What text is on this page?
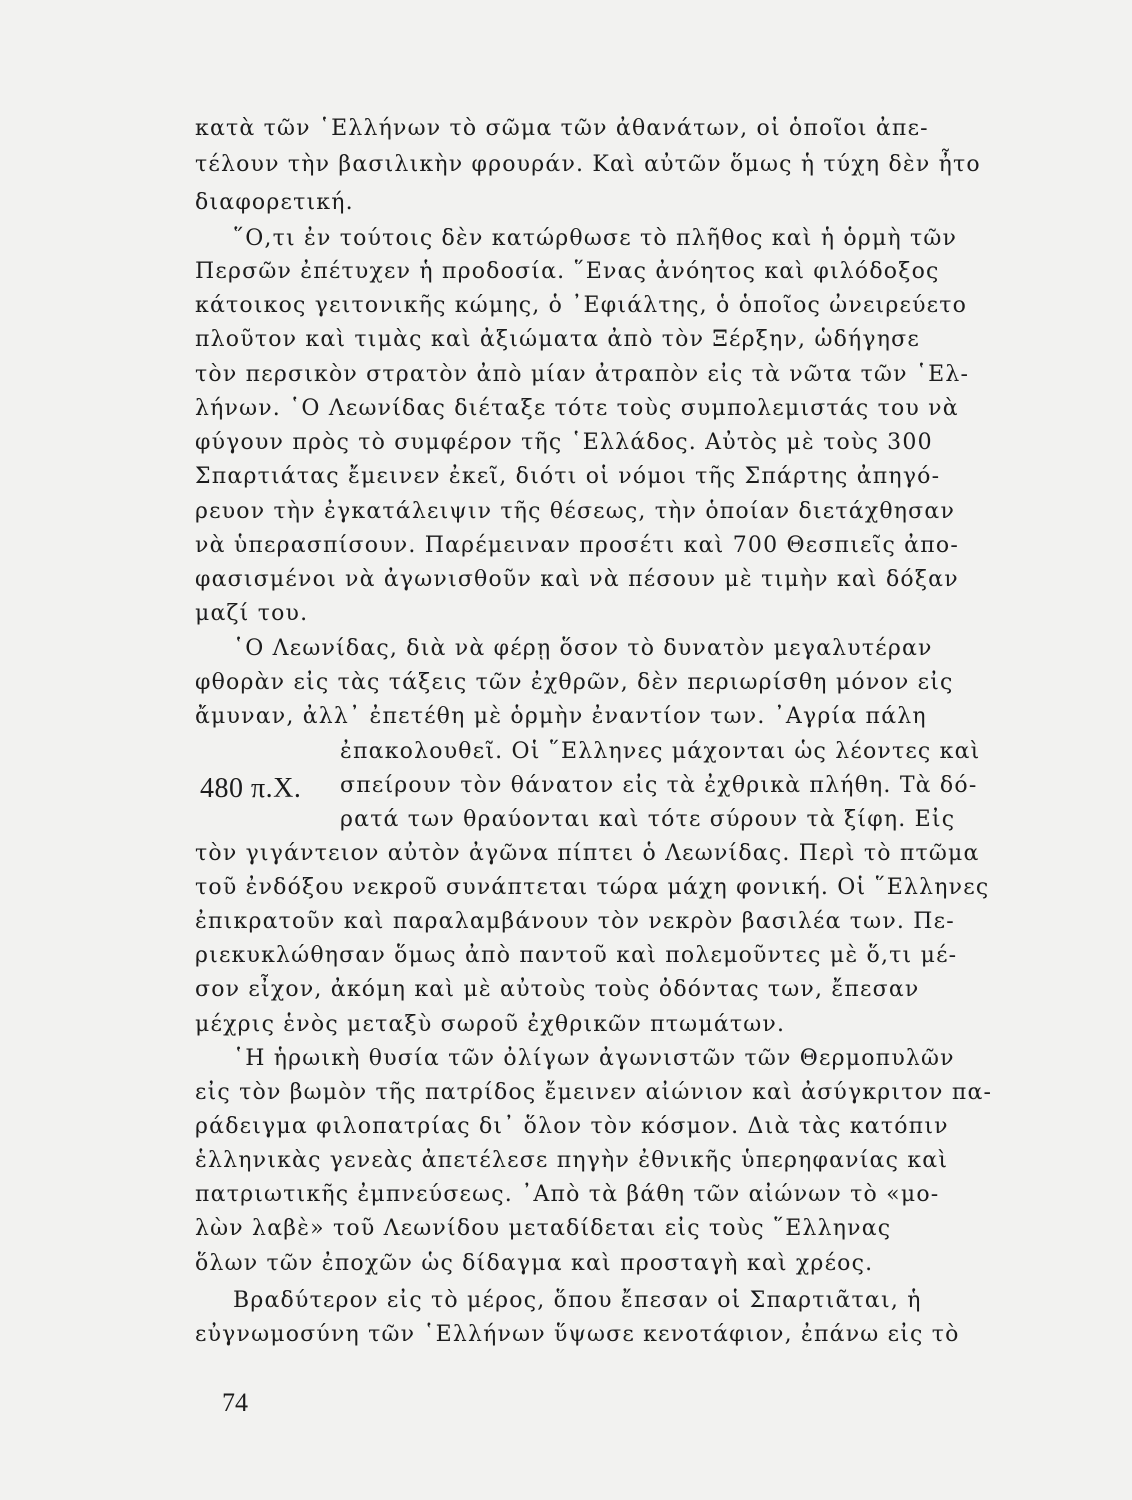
κατὰ τῶν ῾Ελλήνων τὸ σῶμα τῶν ἀθανάτων, οἱ ὁποῖοι ἀπε-
τέλουν τὴν βασιλικὴν φρουράν. Καὶ αὐτῶν ὅμως ἡ τύχη δὲν ἦτο
διαφορετική.
῞Ο,τι ἐν τούτοις δὲν κατώρθωσε τὸ πλῆθος καὶ ἡ ὁρμὴ τῶν
Περσῶν ἐπέτυχεν ἡ προδοσία. ῞Ενας ἀνόητος καὶ φιλόδοξος
κάτοικος γειτονικῆς κώμης, ὁ ᾿Εφιάλτης, ὁ ὁποῖος ὠνειρεύετο
πλοῦτον καὶ τιμὰς καὶ ἀξιώματα ἀπὸ τὸν Ξέρξην, ὡδήγησε
τὸν περσικὸν στρατὸν ἀπὸ μίαν ἀτραπὸν εἰς τὰ νῶτα τῶν ῾Ελ-
λήνων. ῾Ο Λεωνίδας διέταξε τότε τοὺς συμπολεμιστάς του νὰ
φύγουν πρὸς τὸ συμφέρον τῆς ῾Ελλάδος. Αὐτὸς μὲ τοὺς 300
Σπαρτιάτας ἔμεινεν ἐκεῖ, διότι οἱ νόμοι τῆς Σπάρτης ἀπηγό-
ρευον τὴν ἐγκατάλειψιν τῆς θέσεως, τὴν ὁποίαν διετάχθησαν
νὰ ὑπερασπίσουν. Παρέμειναν προσέτι καὶ 700 Θεσπιεῖς ἀπο-
φασισμένοι νὰ ἀγωνισθοῦν καὶ νὰ πέσουν μὲ τιμὴν καὶ δόξαν
μαζί του.
῾Ο Λεωνίδας, διὰ νὰ φέρῃ ὅσον τὸ δυνατὸν μεγαλυτέραν
φθορὰν εἰς τὰς τάξεις τῶν ἐχθρῶν, δὲν περιωρίσθη μόνον εἰς
ἄμυναν, ἀλλ᾿ ἐπετέθη μὲ ὁρμὴν ἐναντίον των. ᾿Αγρία πάλη
ἐπακολουθεῖ. Οἱ ῞Ελληνες μάχονται ὡς λέοντες καὶ
σπείρουν τὸν θάνατον εἰς τὰ ἐχθρικὰ πλήθη. Τὰ δό-
ρατά των θραύονται καὶ τότε σύρουν τὰ ξίφη. Εἰς
τὸν γιγάντειον αὐτὸν ἀγῶνα πίπτει ὁ Λεωνίδας. Περὶ τὸ πτῶμα
τοῦ ἐνδόξου νεκροῦ συνάπτεται τώρα μάχη φονική. Οἱ ῞Ελληνες
ἐπικρατοῦν καὶ παραλαμβάνουν τὸν νεκρὸν βασιλέα των. Πε-
ριεκυκλώθησαν ὅμως ἀπὸ παντοῦ καὶ πολεμοῦντες μὲ ὅ,τι μέ-
σον εἶχον, ἀκόμη καὶ μὲ αὐτοὺς τοὺς ὀδόντας των, ἔπεσαν
μέχρις ἑνὸς μεταξὺ σωροῦ ἐχθρικῶν πτωμάτων.
῾Η ἡρωικὴ θυσία τῶν ὀλίγων ἀγωνιστῶν τῶν Θερμοπυλῶν
εἰς τὸν βωμὸν τῆς πατρίδος ἔμεινεν αἰώνιον καὶ ἀσύγκριτον πα-
ράδειγμα φιλοπατρίας δι᾿ ὅλον τὸν κόσμον. Διὰ τὰς κατόπιν
ἑλληνικὰς γενεὰς ἀπετέλεσε πηγὴν ἐθνικῆς ὑπερηφανίας καὶ
πατριωτικῆς ἐμπνεύσεως. ᾿Απὸ τὰ βάθη τῶν αἰώνων τὸ «μο-
λὼν λαβὲ» τοῦ Λεωνίδου μεταδίδεται εἰς τοὺς ῞Ελληνας
ὅλων τῶν ἐποχῶν ὡς δίδαγμα καὶ προσταγὴ καὶ χρέος.
Βραδύτερον εἰς τὸ μέρος, ὅπου ἔπεσαν οἱ Σπαρτιᾶται, ἡ
εὐγνωμοσύνη τῶν ῾Ελλήνων ὕψωσε κενοτάφιον, ἐπάνω εἰς τὸ
480 π.Χ.
74
